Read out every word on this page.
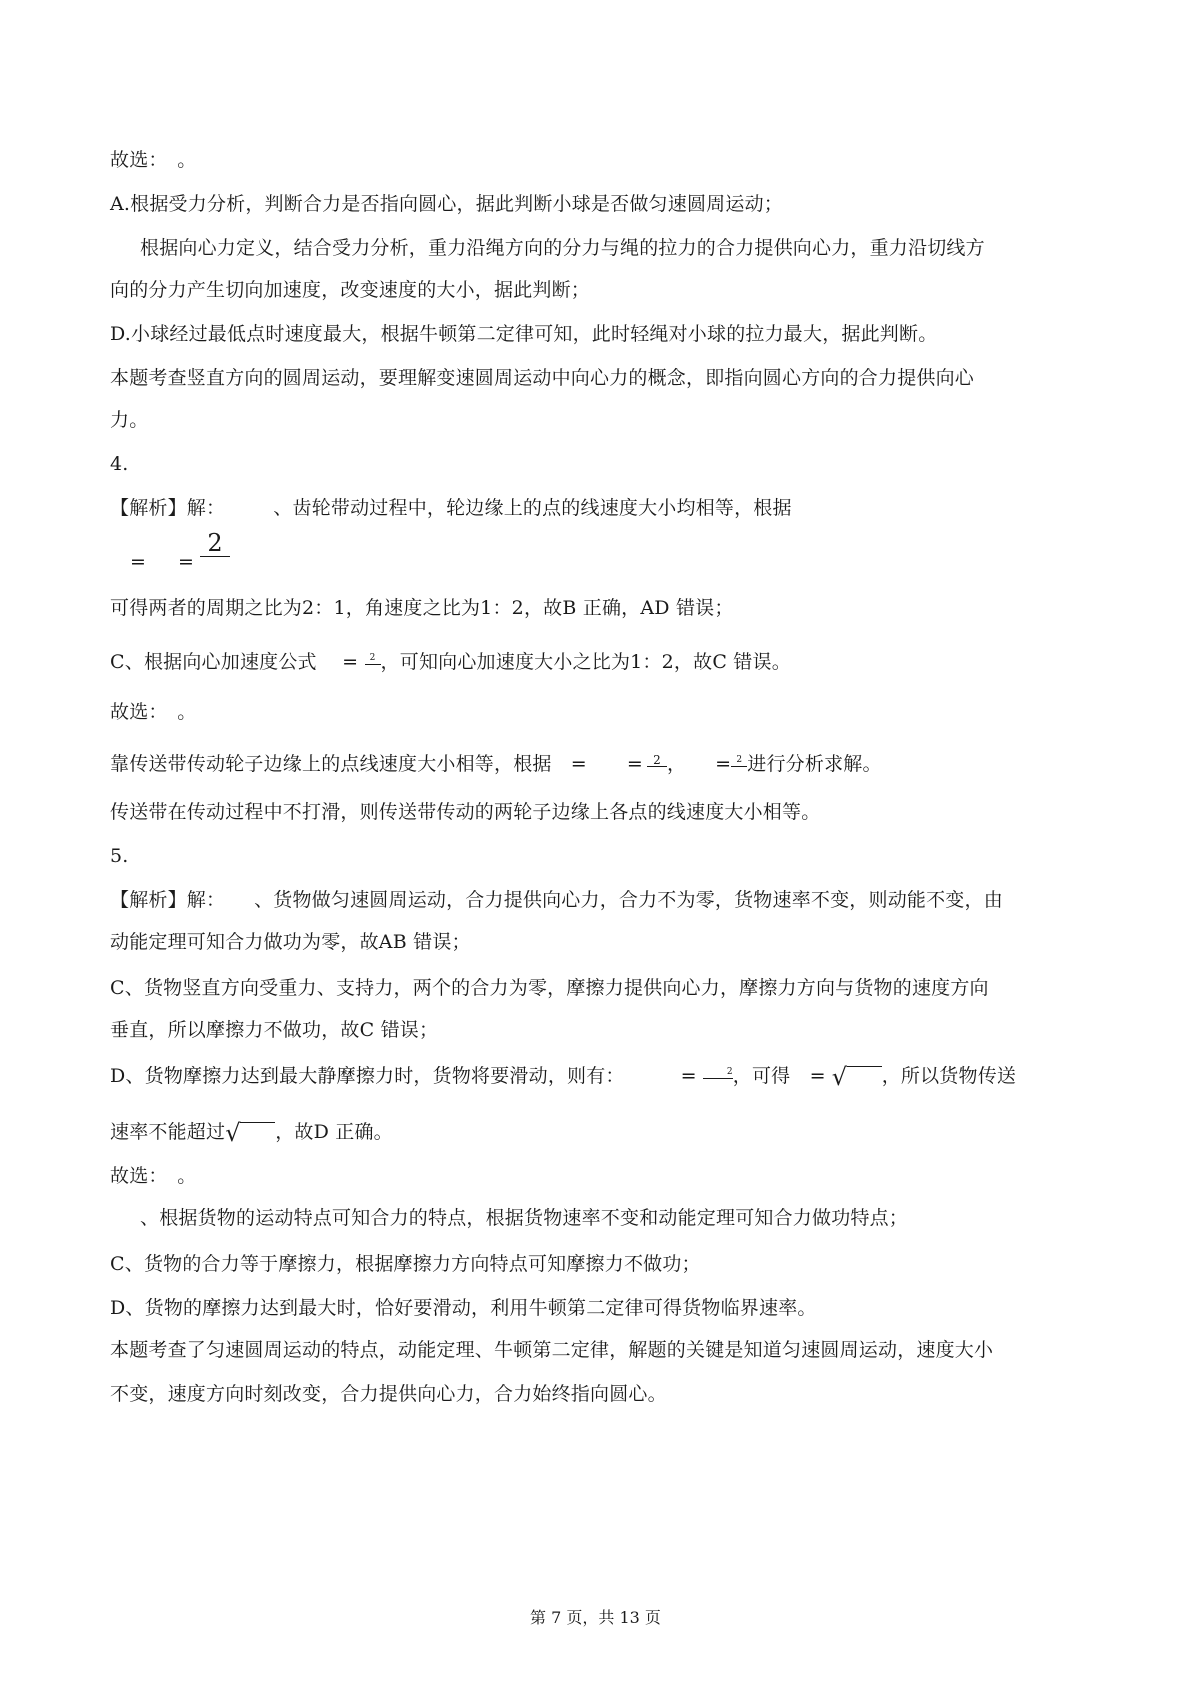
故选：　。
A.根据受力分析，判断合力是否指向圆心，据此判断小球是否做匀速圆周运动；
根据向心力定义，结合受力分析，重力沿绳方向的分力与绳的拉力的合力提供向心力，重力沿切线方
向的分力产生切向加速度，改变速度的大小，据此判断；
D.小球经过最低点时速度最大，根据牛顿第二定律可知，此时轻绳对小球的拉力最大，据此判断。
本题考查竖直方向的圆周运动，要理解变速圆周运动中向心力的概念，即指向圆心方向的合力提供向心
力。
4.
【解析】解：　　　、齿轮带动过程中，轮边缘上的点的线速度大小均相等，根据
= =
2
可得两者的周期之比为2：1，角速度之比为1：2，故B 正确，AD 错误；
C、根据向心加速度公式　 = 2 ，可知向心加速度大小之比为1：2，故C 错误。
故选：　。
靠传送带传动轮子边缘上的点线速度大小相等，根据　= = 2 ，　　= 2 进行分析求解。
传送带在传动过程中不打滑，则传送带传动的两轮子边缘上各点的线速度大小相等。
5.
【解析】解：　　、货物做匀速圆周运动，合力提供向心力，合力不为零，货物速率不变，则动能不变，由
动能定理可知合力做功为零，故AB 错误；
C、货物竖直方向受重力、支持力，两个的合力为零，摩擦力提供向心力，摩擦力方向与货物的速度方向
垂直，所以摩擦力不做功，故C 错误；
D、货物摩擦力达到最大静摩擦力时，货物将要滑动，则有：	=	2 ，可得　= √ ，所以货物传送
速率不能超过 √ ，故D 正确。
故选：　。
、根据货物的运动特点可知合力的特点，根据货物速率不变和动能定理可知合力做功特点；
C、货物的合力等于摩擦力，根据摩擦力方向特点可知摩擦力不做功；
D、货物的摩擦力达到最大时，恰好要滑动，利用牛顿第二定律可得货物临界速率。
本题考查了匀速圆周运动的特点，动能定理、牛顿第二定律，解题的关键是知道匀速圆周运动，速度大小
不变，速度方向时刻改变，合力提供向心力，合力始终指向圆心。
第 7 页，共 13 页
